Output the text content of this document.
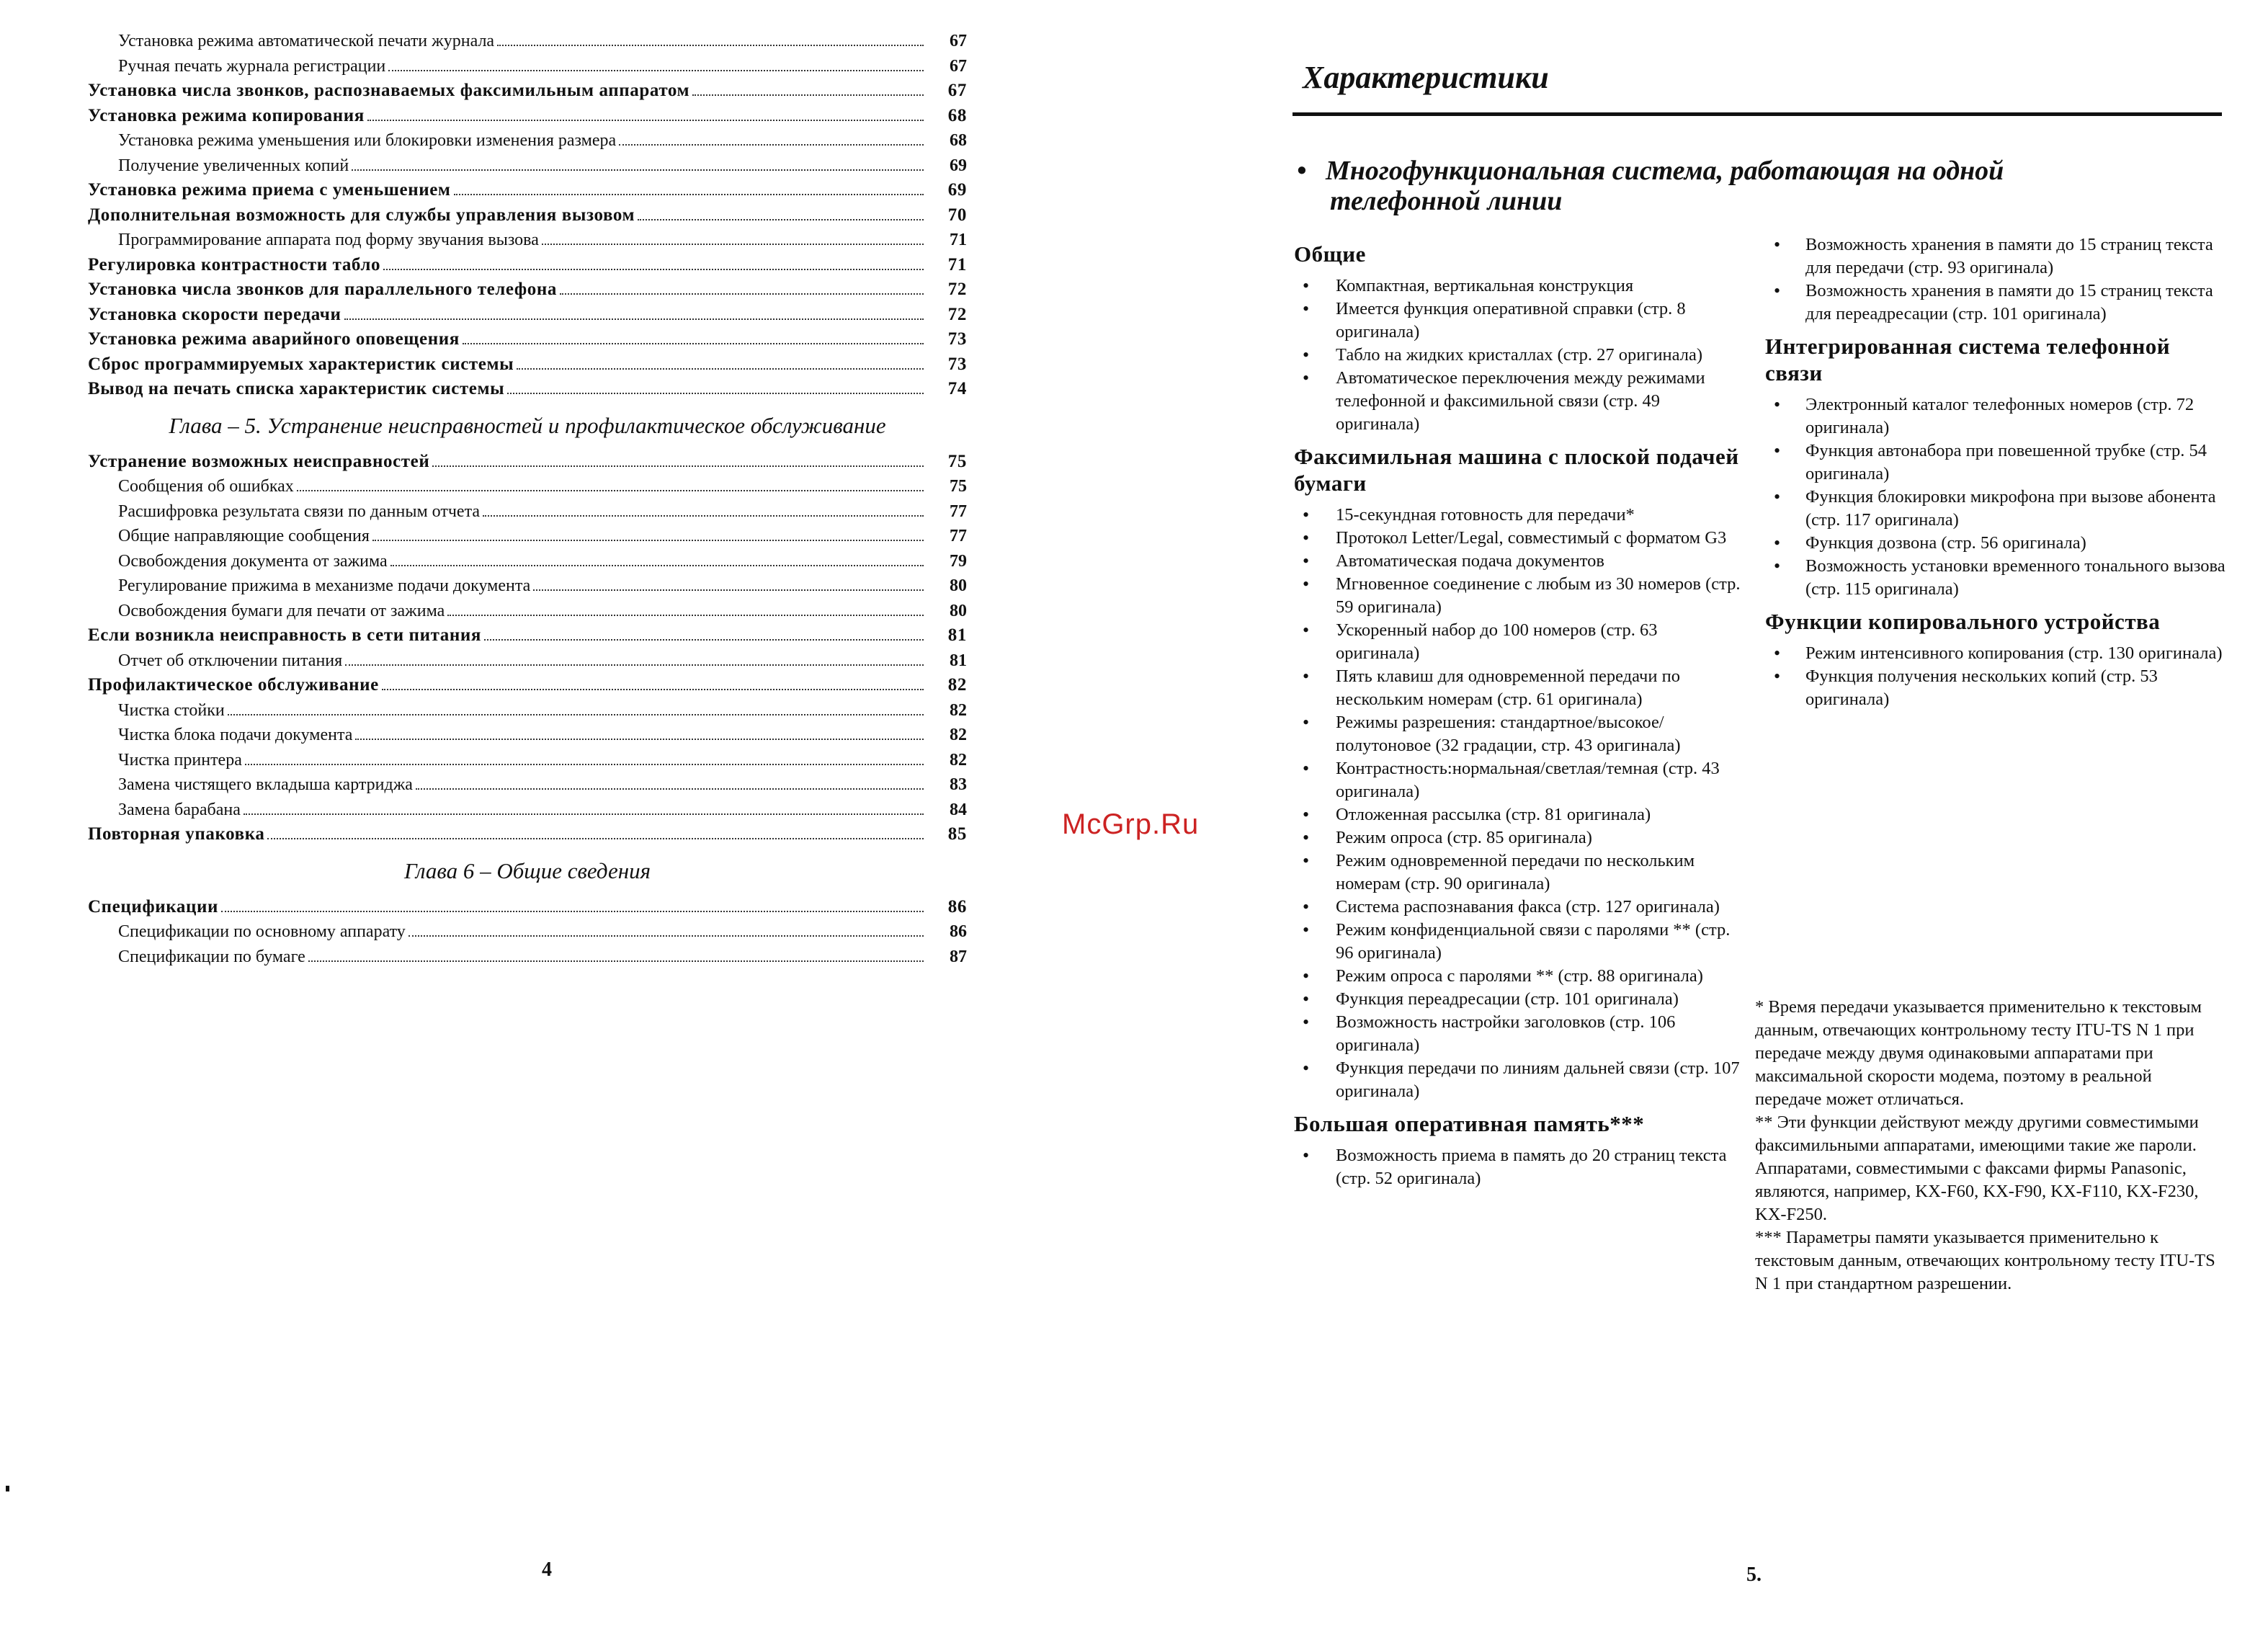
Установка режима автоматической печати журнала	67
Ручная печать журнала регистрации	67
Установка числа звонков, распознаваемых факсимильным аппаратом	67
Установка режима копирования	68
Установка режима уменьшения или блокировки изменения размера	68
Получение увеличенных копий	69
Установка режима приема с уменьшением	69
Дополнительная возможность для службы управления вызовом	70
Программирование аппарата под форму звучания вызова	71
Регулировка контрастности табло	71
Установка числа звонков для параллельного телефона	72
Установка скорости передачи	72
Установка режима аварийного оповещения	73
Сброс программируемых характеристик системы	73
Вывод на печать списка характеристик системы	74
Глава – 5. Устранение неисправностей и профилактическое обслуживание
Устранение возможных неисправностей	75
Сообщения об ошибках	75
Расшифровка результата связи по данным отчета	77
Общие направляющие сообщения	77
Освобождения документа от зажима	79
Регулирование прижима в механизме подачи документа	80
Освобождения бумаги для печати от зажима	80
Если возникла неисправность в сети питания	81
Отчет об отключении питания	81
Профилактическое обслуживание	82
Чистка стойки	82
Чистка блока подачи документа	82
Чистка принтера	82
Замена чистящего вкладыша картриджа	83
Замена барабана	84
Повторная упаковка	85
Глава 6 – Общие сведения
Спецификации	86
Спецификации по основному аппарату	86
Спецификации по бумаге	87
4
McGrp.Ru
Характеристики
• Многофункциональная система, работающая на одной
телефонной линии
Общие
• Компактная, вертикальная конструкция
• Имеется функция оперативной справки (стр. 8 оригинала)
• Табло на жидких кристаллах (стр. 27 оригинала)
• Автоматическое переключения между режимами телефонной и факсимильной связи (стр. 49 оригинала)
Факсимильная машина с плоской подачей бумаги
• 15-секундная готовность для передачи*
• Протокол Letter/Legal, совместимый с форматом G3
• Автоматическая подача документов
• Мгновенное соединение с любым из 30 номеров (стр. 59 оригинала)
• Ускоренный набор до 100 номеров (стр. 63 оригинала)
• Пять клавиш для одновременной передачи по нескольким номерам (стр. 61 оригинала)
• Режимы разрешения: стандартное/высокое/полутоновое (32 градации, стр. 43 оригинала)
• Контрастность:нормальная/светлая/темная (стр. 43 оригинала)
• Отложенная рассылка (стр. 81 оригинала)
• Режим опроса (стр. 85 оригинала)
• Режим одновременной передачи по нескольким номерам (стр. 90 оригинала)
• Система распознавания факса (стр. 127 оригинала)
• Режим конфиденциальной связи с паролями ** (стр. 96 оригинала)
• Режим опроса с паролями ** (стр. 88 оригинала)
• Функция переадресации (стр. 101 оригинала)
• Возможность настройки заголовков (стр. 106 оригинала)
• Функция передачи по линиям дальней связи (стр. 107 оригинала)
Большая оперативная память***
• Возможность приема в память до 20 страниц текста (стр. 52 оригинала)
• Возможность хранения в памяти до 15 страниц текста для передачи (стр. 93 оригинала)
• Возможность хранения в памяти до 15 страниц текста для переадресации (стр. 101 оригинала)
Интегрированная система телефонной связи
• Электронный каталог телефонных номеров (стр. 72 оригинала)
• Функция автонабора при повешенной трубке (стр. 54 оригинала)
• Функция блокировки микрофона при вызове абонента (стр. 117 оригинала)
• Функция дозвона (стр. 56 оригинала)
• Возможность установки временного тонального вызова (стр. 115 оригинала)
Функции копировального устройства
• Режим интенсивного копирования (стр. 130 оригинала)
• Функция получения нескольких копий (стр. 53 оригинала)

* Время передачи указывается применительно к текстовым данным, отвечающих контрольному тесту ITU-TS N 1 при передаче между двумя одинаковыми аппаратами при максимальной скорости модема, поэтому в реальной передаче может отличаться.

** Эти функции действуют между другими совместимыми факсимильными аппаратами, имеющими такие же пароли. Аппаратами, совместимыми с факсами фирмы Panasonic, являются, например, KX-F60, KX-F90, KX-F110, KX-F230, KX-F250.

*** Параметры памяти указывается применительно к текстовым данным, отвечающих контрольному тесту ITU-TS N 1 при стандартном разрешении.

5.
